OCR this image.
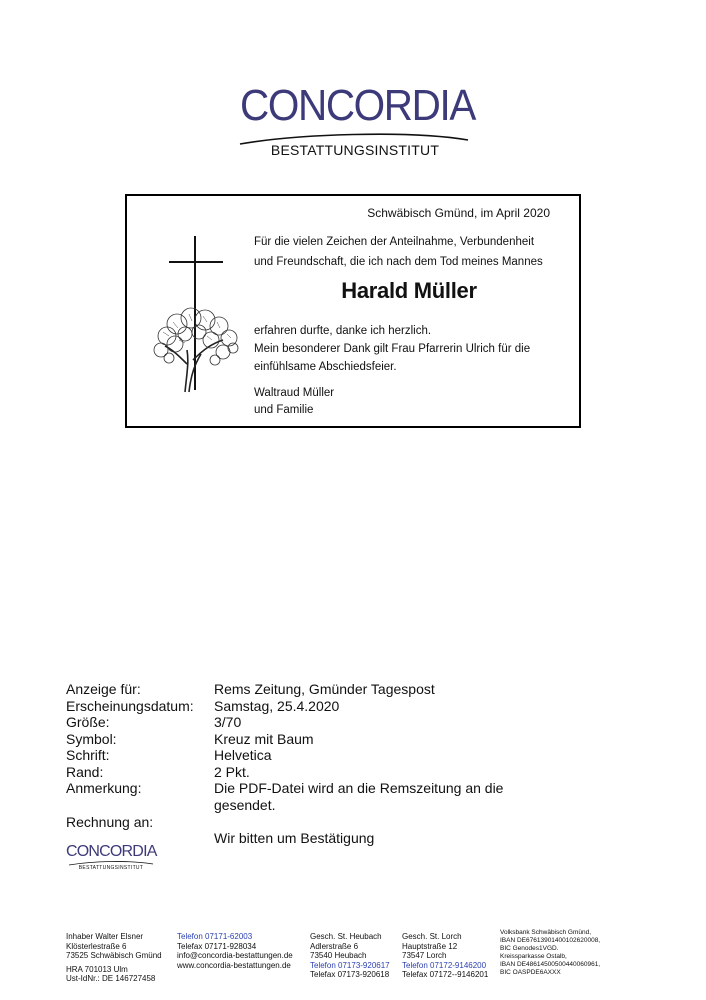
CONCORDIA
BESTATTUNGSINSTITUT
Schwäbisch Gmünd, im April 2020
Für die vielen Zeichen der Anteilnahme, Verbundenheit
und Freundschaft, die ich nach dem Tod meines Mannes
Harald Müller
erfahren durfte, danke ich herzlich.
Mein besonderer Dank gilt Frau Pfarrerin Ulrich für die
einfühlsame Abschiedsfeier.
Waltraud Müller
und Familie
Anzeige für:	Rems Zeitung, Gmünder Tagespost
Erscheinungsdatum:	Samstag, 25.4.2020
Größe:	3/70
Symbol:	Kreuz mit Baum
Schrift:	Helvetica
Rand:	2 Pkt.
Anmerkung:	Die PDF-Datei wird an die Remszeitung an die gesendet.
Rechnung an:
Wir bitten um Bestätigung
CONCORDIA
BESTATTUNGSINSTITUT
Inhaber Walter Elsner
Klösterlestraße 6
73525 Schwäbisch Gmünd
HRA 701013 Ulm
Ust-IdNr.: DE 146727458
Telefon 07171-62003
Telefax 07171-928034
info@concordia-bestattungen.de
www.concordia-bestattungen.de
Gesch. St. Heubach
Adlerstraße 6
73540 Heubach
Telefon 07173-920617
Telefax 07173-920618
Gesch. St. Lorch
Hauptstraße 12
73547 Lorch
Telefon 07172-9146200
Telefax 07172--9146201
Volksbank Schwäbisch Gmünd,
IBAN DE67613901400102620008,
BIC Genodes1VGD.
Kreissparkasse Ostalb,
IBAN DE48614500500440060961,
BIC OASPDE6AXXX
